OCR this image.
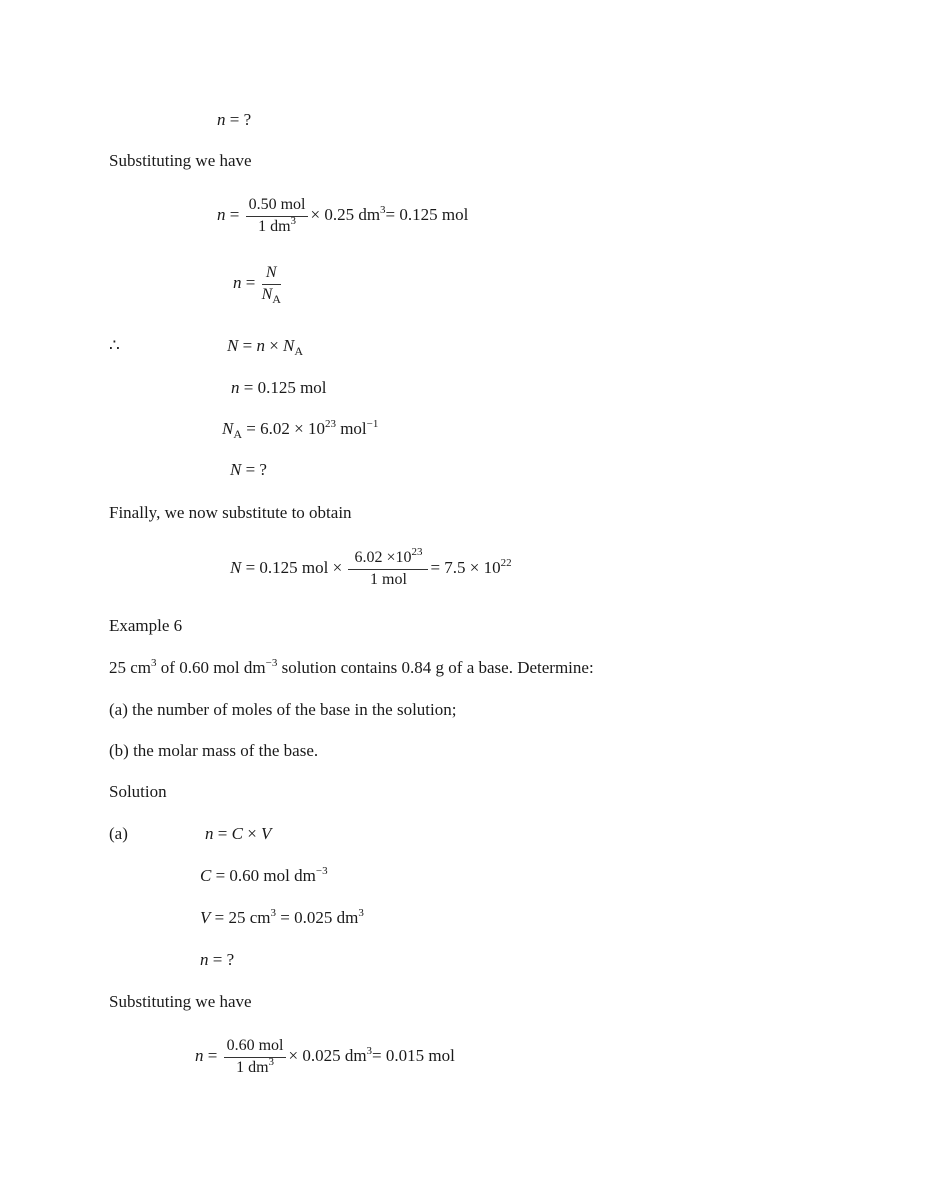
n = ?
Substituting we have
$n = \frac{\text{0.50 mol}}{1 dm^3} \times 0.25$ $dm^3= 0.125$ mol
$n = \frac{N}{N_A}$
∴	$N = n \times N_A$
n = 0.125 mol
$N_A = 6.02 \times 10^{23}$ mol$^{-1}$
N = ?
Finally, we now substitute to obtain
N = 0.125 mol × $\frac{6.02 \times 10^{23}}{\text{1 mol}} = 7.5 \times 10^{22}$
Example 6
25 $cm^3$ of 0.60 mol $dm^{-3}$ solution contains 0.84 g of a base. Determine:
(a) the number of moles of the base in the solution;
(b) the molar mass of the base.
Solution
(a)	n = C × V
C = 0.60 mol $dm^{-3}$
V = 25 $cm^3 = 0.025$ $dm^3$
n = ?
Substituting we have
$n = \frac{\text{0.60 mol}}{1 dm^3} \times 0.025$ $dm^3= 0.015$ mol
